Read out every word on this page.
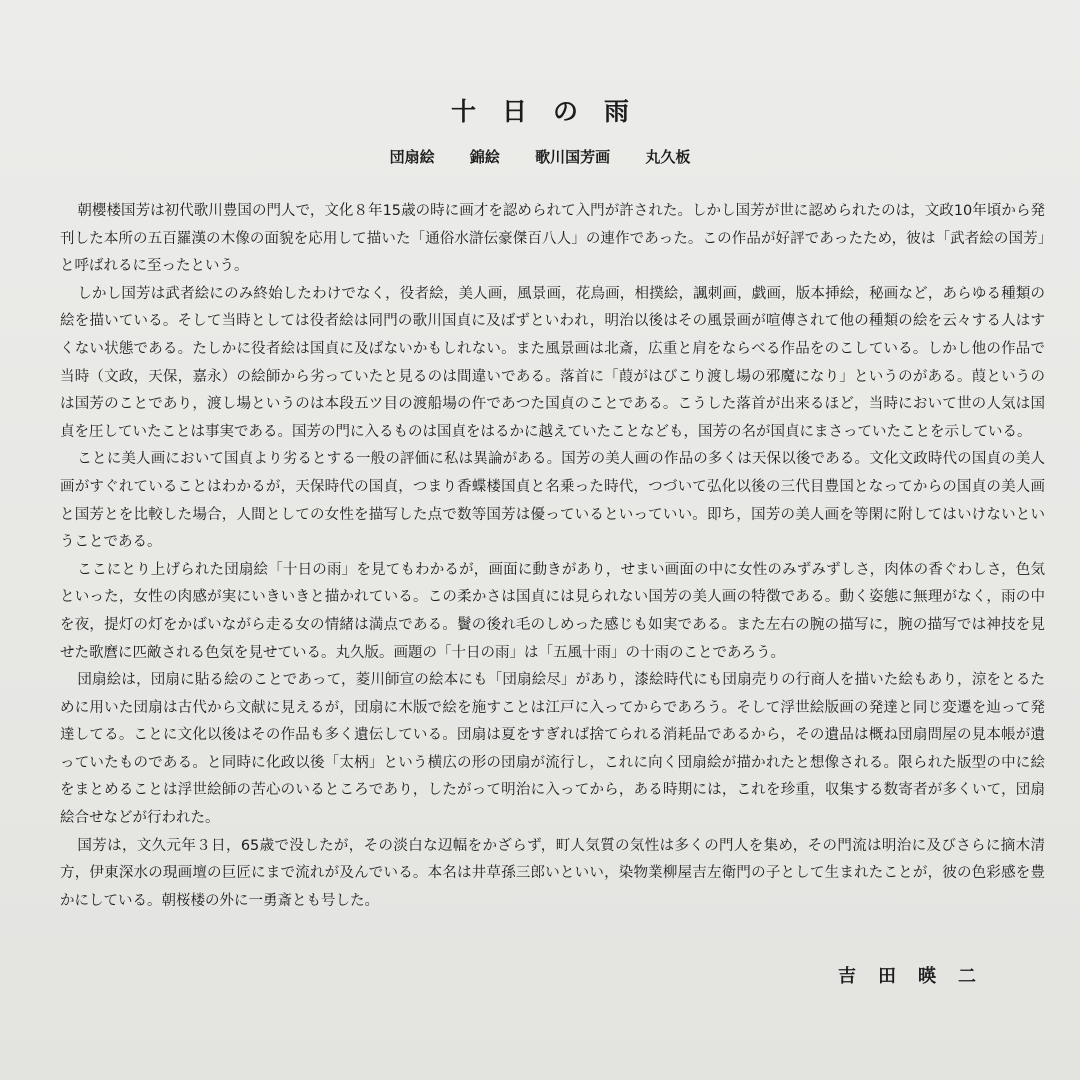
十日の雨
団扇絵 錦絵 歌川国芳画 丸久板

朝櫻楼国芳は初代歌川豊国の門人で，文化８年15歳の時に画才を認められて入門が許された。しかし国芳が世に認められたのは，文政10年頃から発刊した本所の五百羅漢の木像の面貌を応用して描いた「通俗水滸伝豪傑百八人」の連作であった。この作品が好評であったため，彼は「武者絵の国芳」と呼ばれるに至ったという。

しかし国芳は武者絵にのみ終始したわけでなく，役者絵，美人画，風景画，花鳥画，相撲絵，諷刺画，戯画，版本挿絵，秘画など，あらゆる種類の絵を描いている。そして当時としては役者絵は同門の歌川国貞に及ばずといわれ，明治以後はその風景画が喧傳されて他の種類の絵を云々する人はすくない状態である。たしかに役者絵は国貞に及ばないかもしれない。また風景画は北斎，広重と肩をならべる作品をのこしている。しかし他の作品で当時（文政，天保，嘉永）の絵師から劣っていたと見るのは間違いである。落首に「葭がはびこり渡し場の邪魔になり」というのがある。葭というのは国芳のことであり，渡し場というのは本段五ツ目の渡船場の仵であつた国貞のことである。こうした落首が出来るほど，当時において世の人気は国貞を圧していたことは事実である。国芳の門に入るものは国貞をはるかに越えていたことなども，国芳の名が国貞にまさっていたことを示している。

ことに美人画において国貞より劣るとする一般の評価に私は異論がある。国芳の美人画の作品の多くは天保以後である。文化文政時代の国貞の美人画がすぐれていることはわかるが，天保時代の国貞，つまり香蝶楼国貞と名乗った時代，つづいて弘化以後の三代目豊国となってからの国貞の美人画と国芳とを比較した場合，人間としての女性を描写した点で数等国芳は優っているといっていい。即ち，国芳の美人画を等閑に附してはいけないということである。

ここにとり上げられた団扇絵「十日の雨」を見てもわかるが，画面に動きがあり，せまい画面の中に女性のみずみずしさ，肉体の香ぐわしさ，色気といった，女性の肉感が実にいきいきと描かれている。この柔かさは国貞には見られない国芳の美人画の特徴である。動く姿態に無理がなく，雨の中を夜，提灯の灯をかばいながら走る女の情緒は満点である。鬢の後れ毛のしめった感じも如実である。また左右の腕の描写に，腕の描写では神技を見せた歌麿に匹敵される色気を見せている。丸久版。画題の「十日の雨」は「五風十雨」の十雨のことであろう。

団扇絵は，団扇に貼る絵のことであって，菱川師宣の絵本にも「団扇絵尽」があり，漆絵時代にも団扇売りの行商人を描いた絵もあり，涼をとるために用いた団扇は古代から文献に見えるが，団扇に木版で絵を施すことは江戸に入ってからであろう。そして浮世絵版画の発達と同じ変遷を辿って発達してる。ことに文化以後はその作品も多く遺伝している。団扇は夏をすぎれば捨てられる消耗品であるから，その遺品は概ね団扇問屋の見本帳が遺っていたものである。と同時に化政以後「太柄」という横広の形の団扇が流行し，これに向く団扇絵が描かれたと想像される。限られた版型の中に絵をまとめることは浮世絵師の苦心のいるところであり，したがって明治に入ってから，ある時期には，これを珍重，収集する数寄者が多くいて，団扇絵合せなどが行われた。

国芳は，文久元年３日，65歳で没したが，その淡白な辺幅をかざらず，町人気質の気性は多くの門人を集め，その門流は明治に及びさらに摘木清方，伊東深水の現画壇の巨匠にまで流れが及んでいる。本名は井草孫三郎いといい，染物業柳屋吉左衛門の子として生まれたことが，彼の色彩感を豊かにしている。朝桜楼の外に一勇斎とも号した。

吉田暎二
